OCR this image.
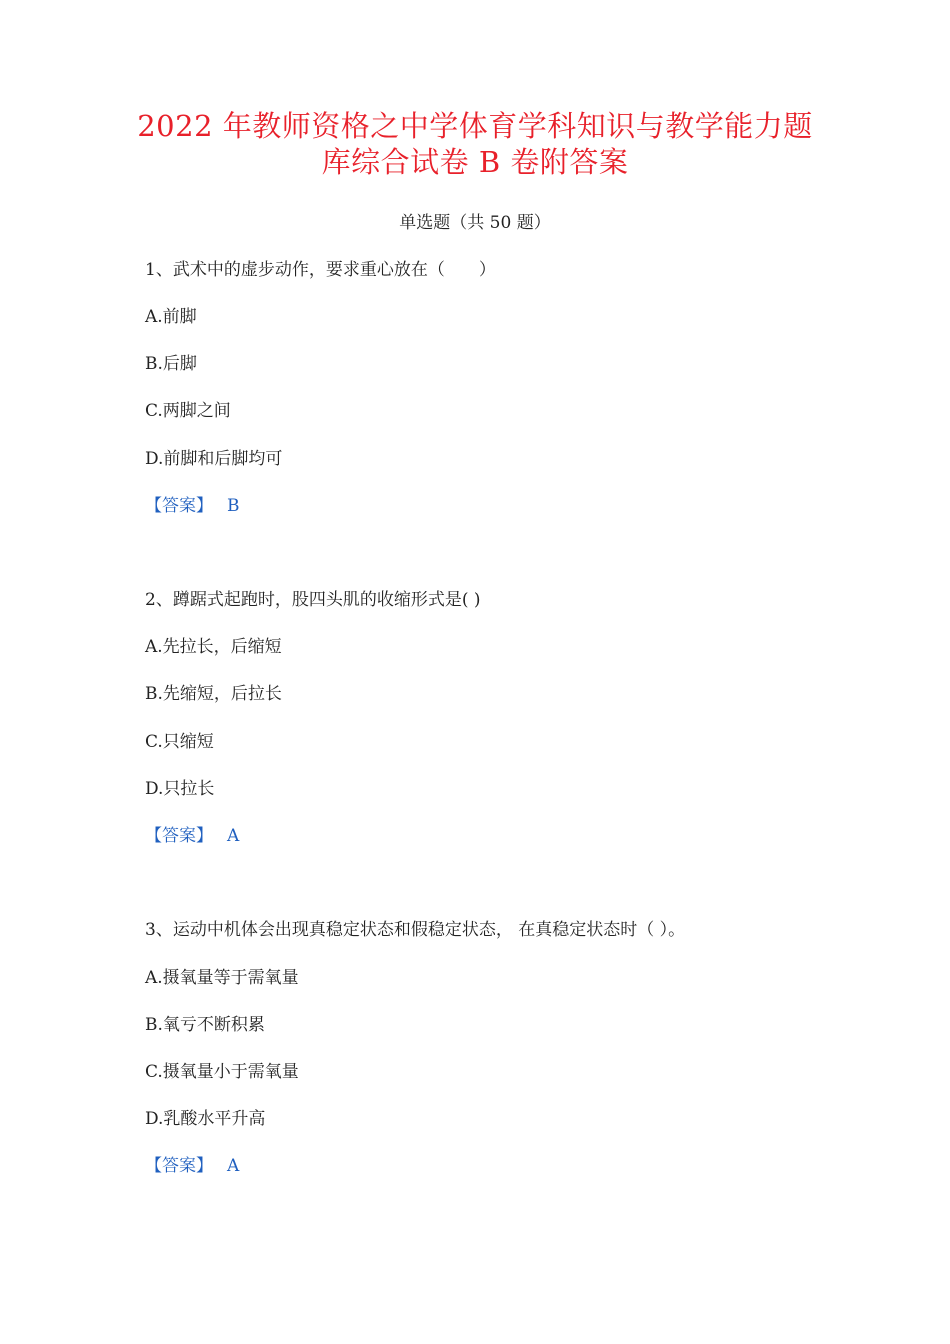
2022 年教师资格之中学体育学科知识与教学能力题
库综合试卷 B 卷附答案
单选题（共 50 题）
1、武术中的虚步动作，要求重心放在（　　）
A.前脚
B.后脚
C.两脚之间
D.前脚和后脚均可
【答案】 B
2、蹲踞式起跑时，股四头肌的收缩形式是( )
A.先拉长，后缩短
B.先缩短，后拉长
C.只缩短
D.只拉长
【答案】 A
3、运动中机体会出现真稳定状态和假稳定状态， 在真稳定状态时（ ）。
A.摄氧量等于需氧量
B.氧亏不断积累
C.摄氧量小于需氧量
D.乳酸水平升高
【答案】 A
